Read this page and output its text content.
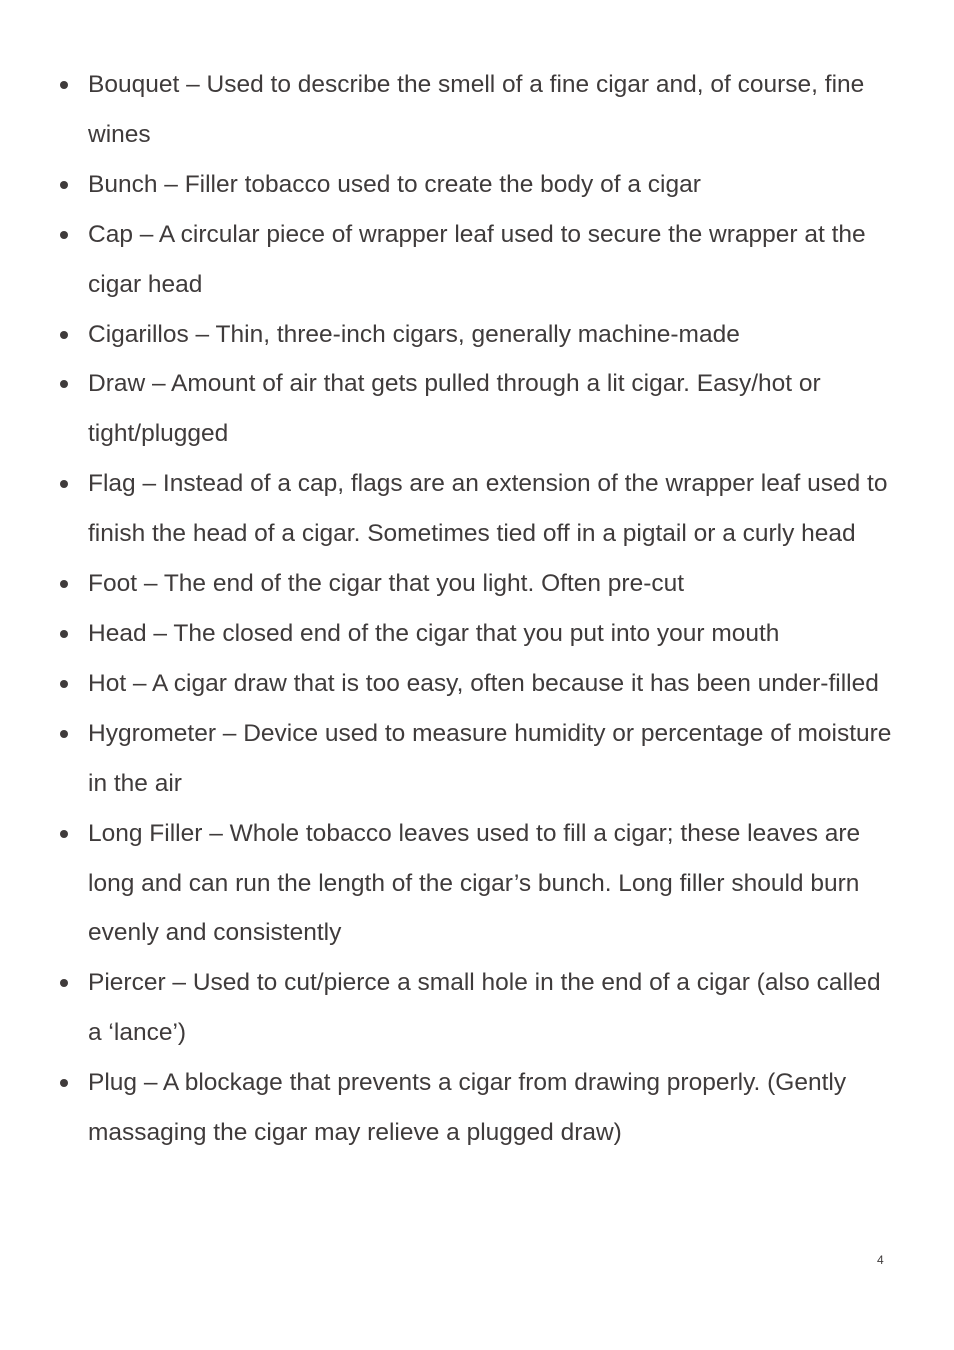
Bouquet – Used to describe the smell of a fine cigar and, of course, fine wines
Bunch – Filler tobacco used to create the body of a cigar
Cap – A circular piece of wrapper leaf used to secure the wrapper at the cigar head
Cigarillos – Thin, three-inch cigars, generally machine-made
Draw – Amount of air that gets pulled through a lit cigar. Easy/hot or tight/plugged
Flag – Instead of a cap, flags are an extension of the wrapper leaf used to finish the head of a cigar. Sometimes tied off in a pigtail or a curly head
Foot – The end of the cigar that you light. Often pre-cut
Head – The closed end of the cigar that you put into your mouth
Hot – A cigar draw that is too easy, often because it has been under-filled
Hygrometer – Device used to measure humidity or percentage of moisture in the air
Long Filler – Whole tobacco leaves used to fill a cigar; these leaves are long and can run the length of the cigar’s bunch. Long filler should burn evenly and consistently
Piercer – Used to cut/pierce a small hole in the end of a cigar (also called a ‘lance’)
Plug – A blockage that prevents a cigar from drawing properly. (Gently massaging the cigar may relieve a plugged draw)
4
